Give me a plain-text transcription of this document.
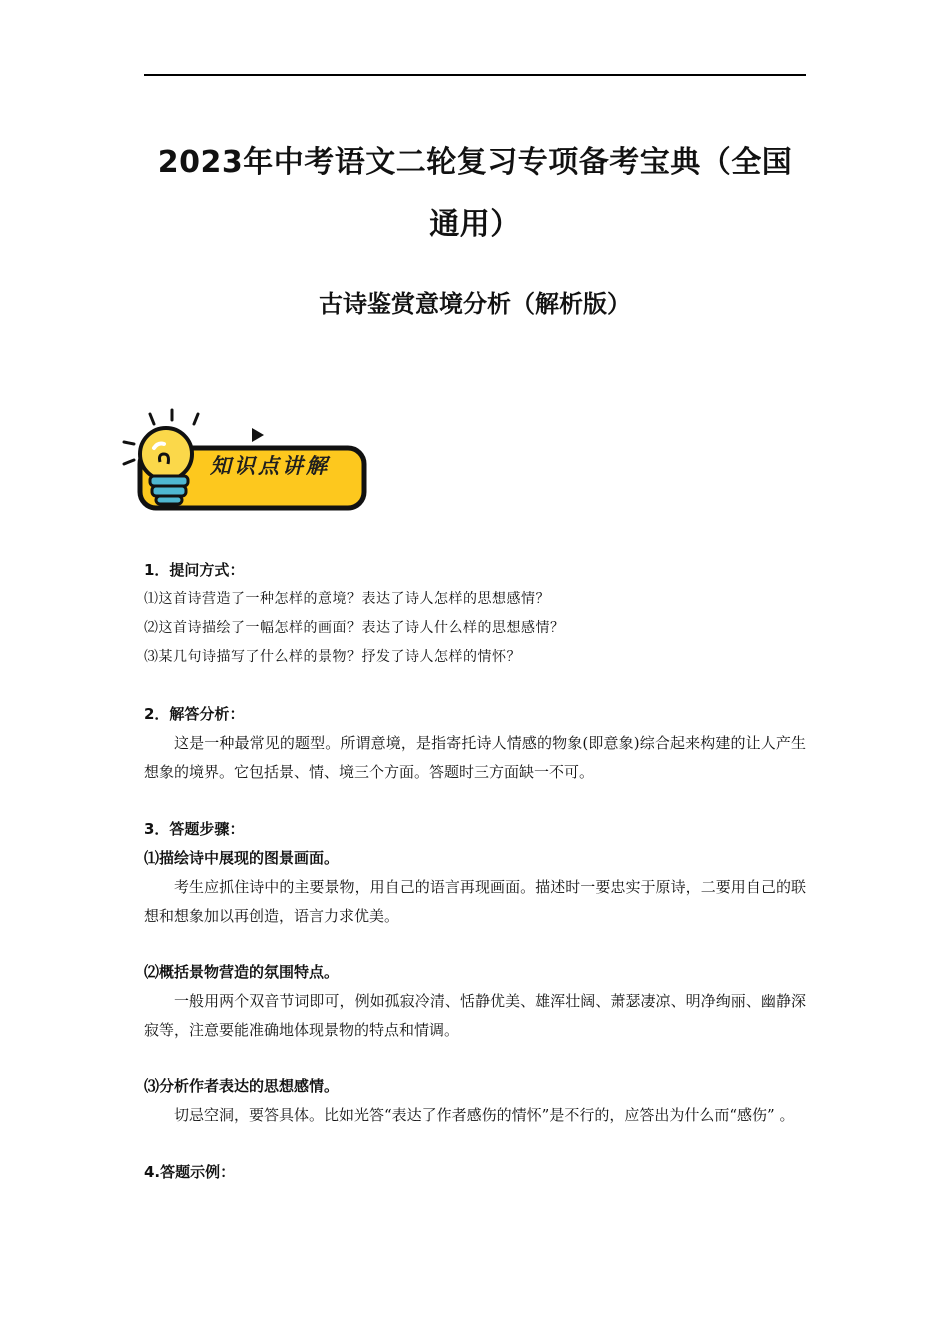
2023年中考语文二轮复习专项备考宝典（全国通用）
古诗鉴赏意境分析（解析版）
知识点讲解
1．提问方式：
⑴这首诗营造了一种怎样的意境？表达了诗人怎样的思想感情？
⑵这首诗描绘了一幅怎样的画面？表达了诗人什么样的思想感情？
⑶某几句诗描写了什么样的景物？抒发了诗人怎样的情怀？
2．解答分析：
这是一种最常见的题型。所谓意境，是指寄托诗人情感的物象(即意象)综合起来构建的让人产生想象的境界。它包括景、情、境三个方面。答题时三方面缺一不可。
3．答题步骤：
⑴描绘诗中展现的图景画面。
考生应抓住诗中的主要景物，用自己的语言再现画面。描述时一要忠实于原诗，二要用自己的联想和想象加以再创造，语言力求优美。
⑵概括景物营造的氛围特点。
一般用两个双音节词即可，例如孤寂冷清、恬静优美、雄浑壮阔、萧瑟凄凉、明净绚丽、幽静深寂等，注意要能准确地体现景物的特点和情调。
⑶分析作者表达的思想感情。
切忌空洞，要答具体。比如光答“表达了作者感伤的情怀”是不行的，应答出为什么而“感伤” 。
4.答题示例：
